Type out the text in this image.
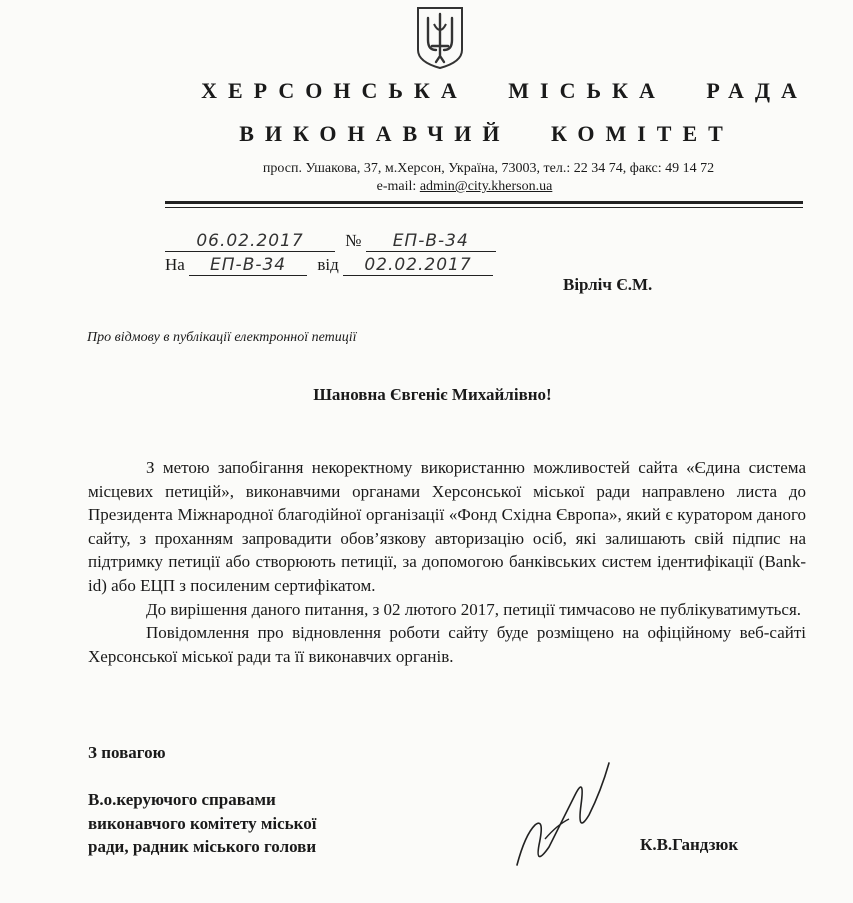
ХЕРСОНСЬКА МІСЬКА РАДА
ВИКОНАВЧИЙ КОМІТЕТ
просп. Ушакова, 37, м.Херсон, Україна, 73003, тел.: 22 34 74, факс: 49 14 72
e-mail: admin@city.kherson.ua
06.02.2017 № ЕП-В-34
На ЕП-В-34 від 02.02.2017
Вірліч Є.М.
Про відмову в публікації електронної петиції
Шановна Євгеніє Михайлівно!

З метою запобігання некоректному використанню можливостей сайта «Єдина система місцевих петицій», виконавчими органами Херсонської міської ради направлено листа до Президента Міжнародної благодійної організації «Фонд Східна Європа», який є куратором даного сайту, з проханням запровадити обов’язкову авторизацію осіб, які залишають свій підпис на підтримку петиції або створюють петиції, за допомогою банківських систем ідентифікації (Bank-id) або ЕЦП з посиленим сертифікатом.

До вирішення даного питання, з 02 лютого 2017, петиції тимчасово не публікуватимуться.

Повідомлення про відновлення роботи сайту буде розміщено на офіційному веб-сайті Херсонської міської ради та її виконавчих органів.

З повагою
В.о.керуючого справами
виконавчого комітету міської
ради, радник міського голови	К.В.Гандзюк
